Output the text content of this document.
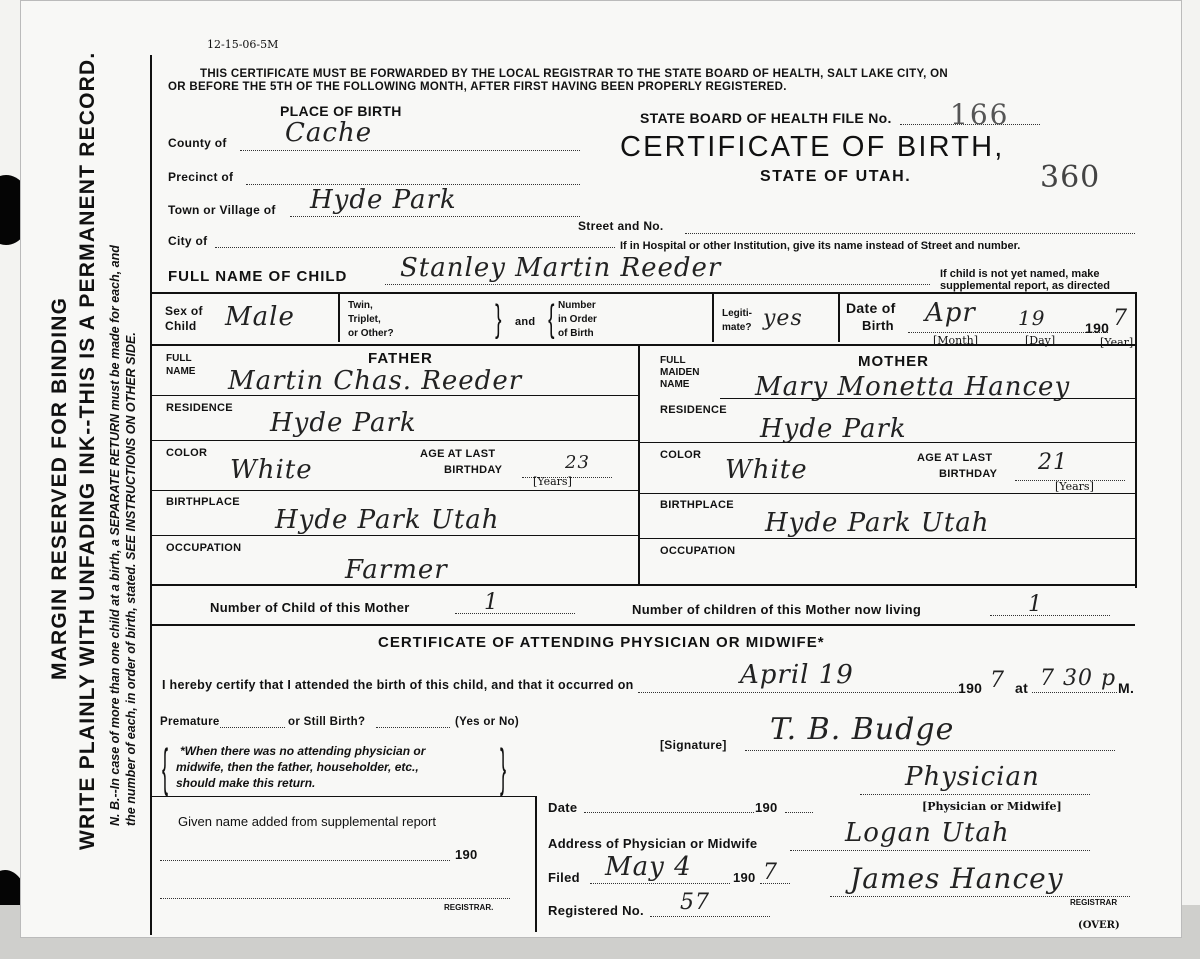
WRITE PLAINLY WITH UNFADING INK--THIS IS A PERMANENT RECORD.
MARGIN RESERVED FOR BINDING	N. B.--In case of more than one child at a birth, a SEPARATE RETURN must be made for each, and the number of each, in order of birth, stated. SEE INSTRUCTIONS ON OTHER SIDE.
12-15-06-5M
THIS CERTIFICATE MUST BE FORWARDED BY THE LOCAL REGISTRAR TO THE STATE BOARD OF HEALTH, SALT LAKE CITY, ON
OR BEFORE THE 5TH OF THE FOLLOWING MONTH, AFTER FIRST HAVING BEEN PROPERLY REGISTERED.
PLACE OF BIRTH
County of Cache
Precinct of
Town or Village of Hyde Park
Street and No.
City of	If in Hospital or other Institution, give its name instead of Street and number.
STATE BOARD OF HEALTH FILE No. 166
CERTIFICATE OF BIRTH,
STATE OF UTAH.	360
FULL NAME OF CHILD Stanley Martin Reeder	If child is not yet named, make
supplemental report, as directed
Sex of
Child Male	Twin,
Triplet,
or Other?	} and { Number
in Order
of Birth
Legiti-
mate? yes	Date of
Birth Apr 19	190 7
[Month]	[Day]	[Year]
FATHER
FULL
NAME Martin Chas. Reeder
RESIDENCE Hyde Park
COLOR
White
AGE AT LAST
BIRTHDAY	23
[Years]
BIRTHPLACE
Hyde Park Utah
OCCUPATION
Farmer
MOTHER
FULL
MAIDEN
NAME	Mary Monetta Hancey
RESIDENCE
Hyde Park
COLOR White	AGE AT LAST
BIRTHDAY 21
[Years]
BIRTHPLACE
Hyde Park Utah
OCCUPATION
Number of Child of this Mother	1	Number of children of this Mother now living	1
CERTIFICATE OF ATTENDING PHYSICIAN OR MIDWIFE*
I hereby certify that I attended the birth of this child, and that it occurred on	April 19	190 7 at 7 30 p M.
Premature	or Still Birth?	(Yes or No)
{ *When there was no attending physician or
midwife, then the father, householder, etc.,
should make this return.	}	[Signature] T. B. Budge
Physician
[Physician or Midwife]
Given name added from supplemental report
190
REGISTRAR.
Date	190
Address of Physician or Midwife	Logan Utah
Filed May 4	190 7
Registered No. 57
James Hancey
REGISTRAR
(OVER)
